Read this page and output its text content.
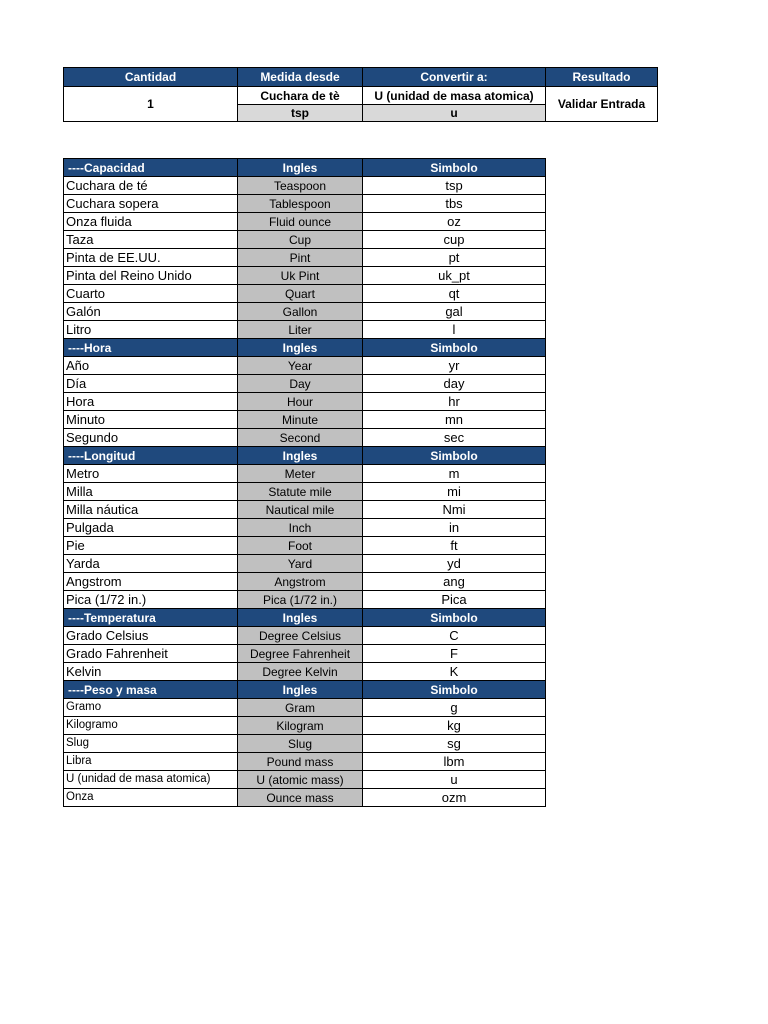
Cantidad	Medida desde	Convertir a:	Resultado
1	Cuchara de tè	U (unidad de masa atomica)	Validar Entrada
	tsp	u	
----Capacidad	Ingles	Simbolo
Cuchara de té	Teaspoon	tsp
Cuchara sopera	Tablespoon	tbs
Onza fluida	Fluid ounce	oz
Taza	Cup	cup
Pinta de EE.UU.	Pint	pt
Pinta del Reino Unido	Uk Pint	uk_pt
Cuarto	Quart	qt
Galón	Gallon	gal
Litro	Liter	l
----Hora	Ingles	Simbolo
Año	Year	yr
Día	Day	day
Hora	Hour	hr
Minuto	Minute	mn
Segundo	Second	sec
----Longitud	Ingles	Simbolo
Metro	Meter	m
Milla	Statute mile	mi
Milla náutica	Nautical mile	Nmi
Pulgada	Inch	in
Pie	Foot	ft
Yarda	Yard	yd
Angstrom	Angstrom	ang
Pica (1/72 in.)	Pica (1/72 in.)	Pica
----Temperatura	Ingles	Simbolo
Grado Celsius	Degree Celsius	C
Grado Fahrenheit	Degree Fahrenheit	F
Kelvin	Degree Kelvin	K
----Peso y masa	Ingles	Simbolo
Gramo	Gram	g
Kilogramo	Kilogram	kg
Slug	Slug	sg
Libra	Pound mass	lbm
U (unidad de masa atomica)	U (atomic mass)	u
Onza	Ounce mass	ozm
